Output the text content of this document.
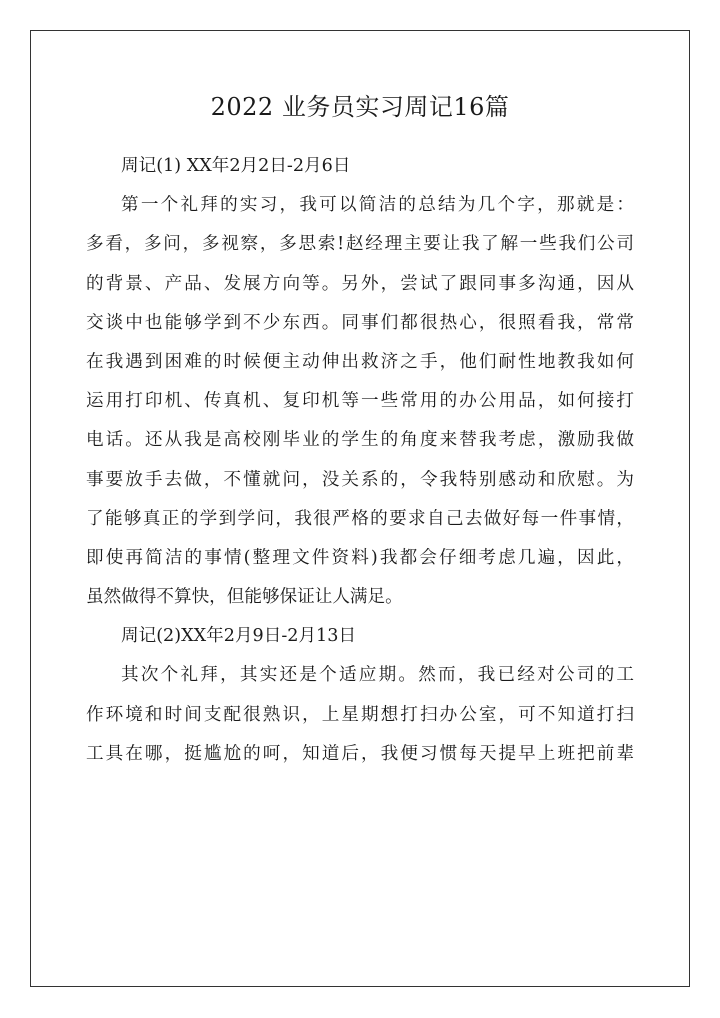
2022 业务员实习周记16篇

周记(1) XX年2月2日-2月6日

第一个礼拜的实习，我可以简洁的总结为几个字，那就是：

多看，多问，多视察，多思索!赵经理主要让我了解一些我们公司

的背景、产品、发展方向等。另外，尝试了跟同事多沟通，因从

交谈中也能够学到不少东西。同事们都很热心，很照看我，常常

在我遇到困难的时候便主动伸出救济之手，他们耐性地教我如何

运用打印机、传真机、复印机等一些常用的办公用品，如何接打

电话。还从我是高校刚毕业的学生的角度来替我考虑，激励我做

事要放手去做，不懂就问，没关系的，令我特别感动和欣慰。为

了能够真正的学到学问，我很严格的要求自己去做好每一件事情，

即使再简洁的事情(整理文件资料)我都会仔细考虑几遍，因此，

虽然做得不算快，但能够保证让人满足。

周记(2)XX年2月9日-2月13日

其次个礼拜，其实还是个适应期。然而，我已经对公司的工

作环境和时间支配很熟识，上星期想打扫办公室，可不知道打扫

工具在哪，挺尴尬的呵，知道后，我便习惯每天提早上班把前辈
